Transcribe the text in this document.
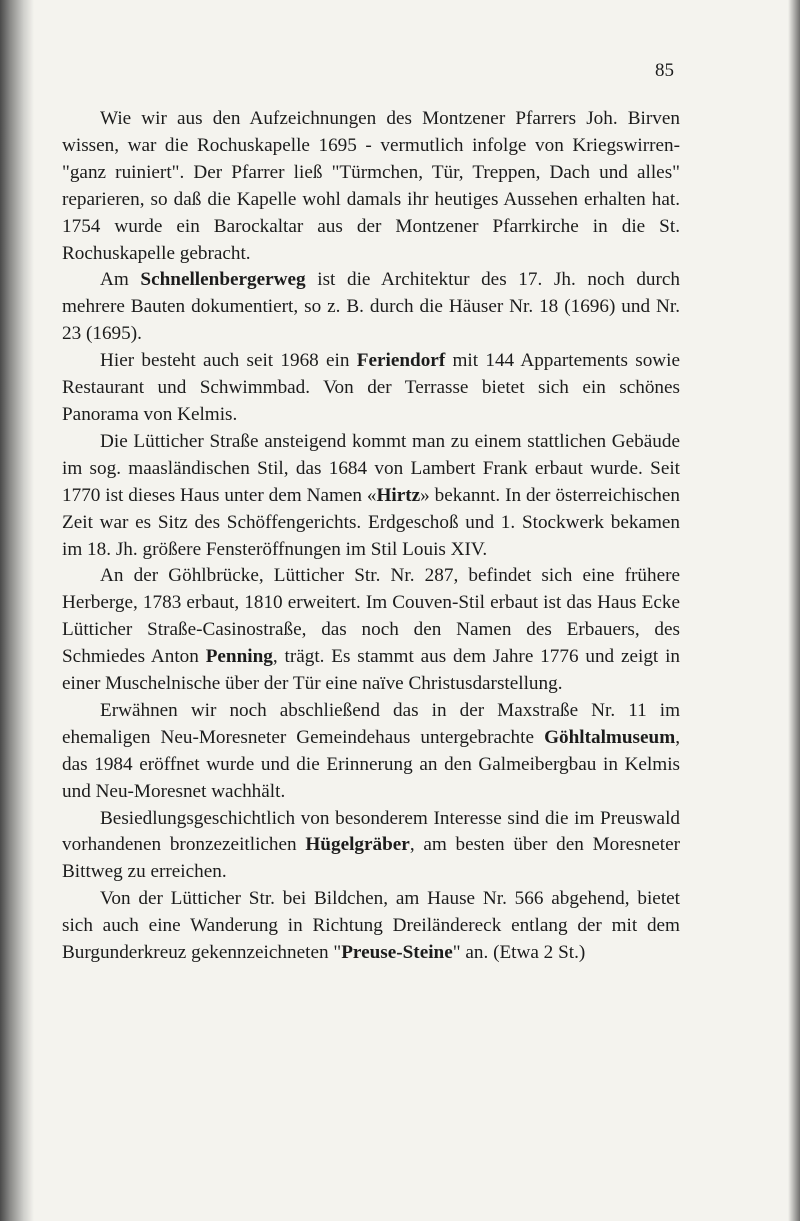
85

Wie wir aus den Aufzeichnungen des Montzener Pfarrers Joh. Birven wissen, war die Rochuskapelle 1695 - vermutlich infolge von Kriegswirren- "ganz ruiniert". Der Pfarrer ließ "Türmchen, Tür, Treppen, Dach und alles" reparieren, so daß die Kapelle wohl damals ihr heutiges Aussehen erhalten hat. 1754 wurde ein Barockaltar aus der Montzener Pfarrkirche in die St. Rochuskapelle gebracht.

Am Schnellenbergerweg ist die Architektur des 17. Jh. noch durch mehrere Bauten dokumentiert, so z. B. durch die Häuser Nr. 18 (1696) und Nr. 23 (1695).

Hier besteht auch seit 1968 ein Feriendorf mit 144 Appartements sowie Restaurant und Schwimmbad. Von der Terrasse bietet sich ein schönes Panorama von Kelmis.

Die Lütticher Straße ansteigend kommt man zu einem stattlichen Gebäude im sog. maasländischen Stil, das 1684 von Lambert Frank erbaut wurde. Seit 1770 ist dieses Haus unter dem Namen «Hirtz» bekannt. In der österreichischen Zeit war es Sitz des Schöffengerichts. Erdgeschoß und 1. Stockwerk bekamen im 18. Jh. größere Fensteröffnungen im Stil Louis XIV.

An der Göhlbrücke, Lütticher Str. Nr. 287, befindet sich eine frühere Herberge, 1783 erbaut, 1810 erweitert. Im Couven-Stil erbaut ist das Haus Ecke Lütticher Straße-Casinostraße, das noch den Namen des Erbauers, des Schmiedes Anton Penning, trägt. Es stammt aus dem Jahre 1776 und zeigt in einer Muschelnische über der Tür eine naïve Christusdarstellung.

Erwähnen wir noch abschließend das in der Maxstraße Nr. 11 im ehemaligen Neu-Moresneter Gemeindehaus untergebrachte Göhltalmuseum, das 1984 eröffnet wurde und die Erinnerung an den Galmeibergbau in Kelmis und Neu-Moresnet wachhält.

Besiedlungsgeschichtlich von besonderem Interesse sind die im Preuswald vorhandenen bronzezeitlichen Hügelgräber, am besten über den Moresneter Bittweg zu erreichen.

Von der Lütticher Str. bei Bildchen, am Hause Nr. 566 abgehend, bietet sich auch eine Wanderung in Richtung Dreiländereck entlang der mit dem Burgunderkreuz gekennzeichneten "Preuse-Steine" an. (Etwa 2 St.)
